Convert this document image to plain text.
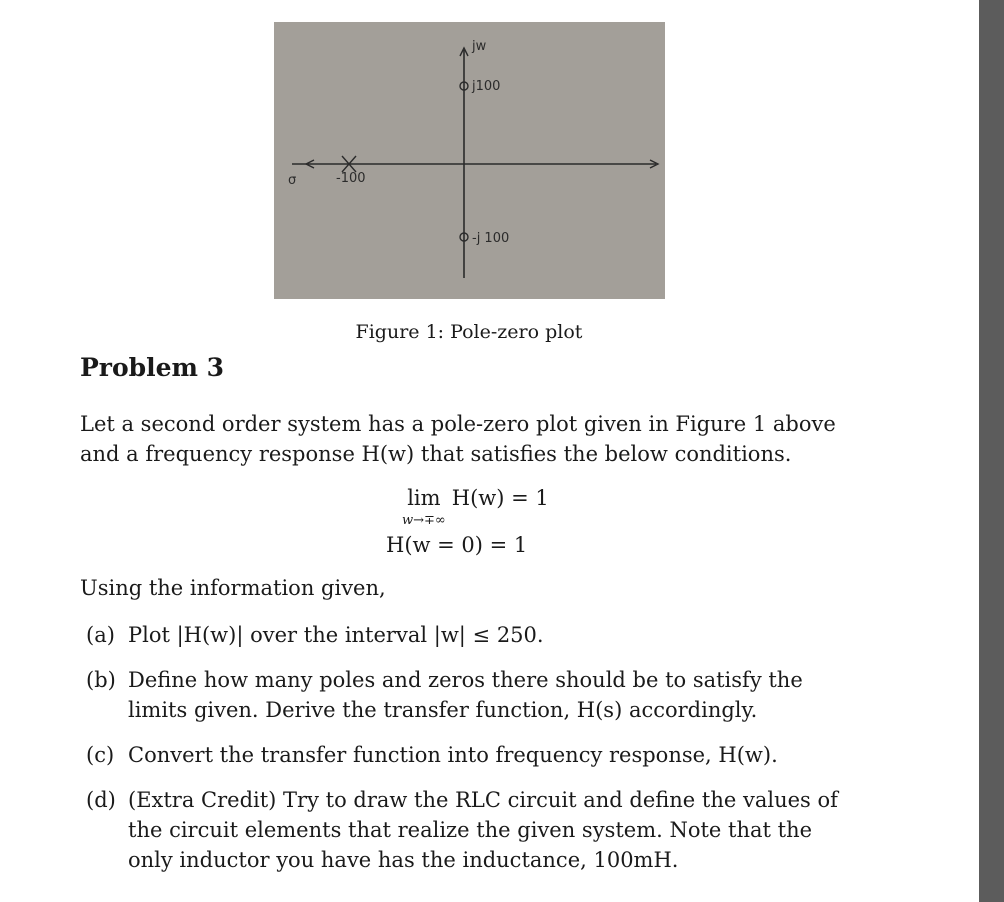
jw
j100
-j 100
-100
σ
Figure 1: Pole-zero plot
Problem 3

Let a second order system has a pole-zero plot given in Figure 1 above and a frequency response H(w) that satisfies the below conditions.

lim
w→∓∞
H(w) = 1
H(w = 0) = 1

Using the information given,

(a) Plot |H(w)| over the interval |w| ≤ 250.

(b) Define how many poles and zeros there should be to satisfy the limits given. Derive the transfer function, H(s) accordingly.

(c) Convert the transfer function into frequency response, H(w).

(d) (Extra Credit) Try to draw the RLC circuit and define the values of the circuit elements that realize the given system. Note that the only inductor you have has the inductance, 100mH.
